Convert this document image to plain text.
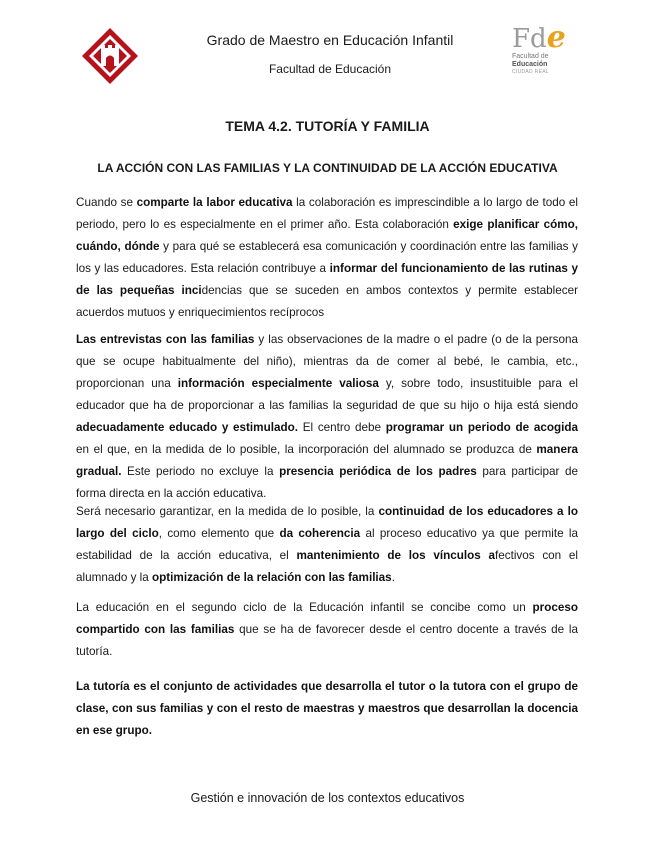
Grado de Maestro en Educación Infantil
Facultad de Educación
Fde
Facultad de
Educación
CIUDAD REAL
TEMA 4.2. TUTORÍA Y FAMILIA
LA ACCIÓN CON LAS FAMILIAS Y LA CONTINUIDAD DE LA ACCIÓN EDUCATIVA
Cuando se comparte la labor educativa la colaboración es imprescindible a lo largo de todo el periodo, pero lo es especialmente en el primer año. Esta colaboración exige planificar cómo, cuándo, dónde y para qué se establecerá esa comunicación y coordinación entre las familias y los y las educadores. Esta relación contribuye a informar del funcionamiento de las rutinas y de las pequeñas incidencias que se suceden en ambos contextos y permite establecer acuerdos mutuos y enriquecimientos recíprocos
Las entrevistas con las familias y las observaciones de la madre o el padre (o de la persona que se ocupe habitualmente del niño), mientras da de comer al bebé, le cambia, etc., proporcionan una información especialmente valiosa y, sobre todo, insustituible para el educador que ha de proporcionar a las familias la seguridad de que su hijo o hija está siendo adecuadamente educado y estimulado. El centro debe programar un periodo de acogida en el que, en la medida de lo posible, la incorporación del alumnado se produzca de manera gradual. Este periodo no excluye la presencia periódica de los padres para participar de forma directa en la acción educativa.
Será necesario garantizar, en la medida de lo posible, la continuidad de los educadores a lo largo del ciclo, como elemento que da coherencia al proceso educativo ya que permite la estabilidad de la acción educativa, el mantenimiento de los vínculos afectivos con el alumnado y la optimización de la relación con las familias.
La educación en el segundo ciclo de la Educación infantil se concibe como un proceso compartido con las familias que se ha de favorecer desde el centro docente a través de la tutoría.
La tutoría es el conjunto de actividades que desarrolla el tutor o la tutora con el grupo de clase, con sus familias y con el resto de maestras y maestros que desarrollan la docencia en ese grupo.
Gestión e innovación de los contextos educativos
